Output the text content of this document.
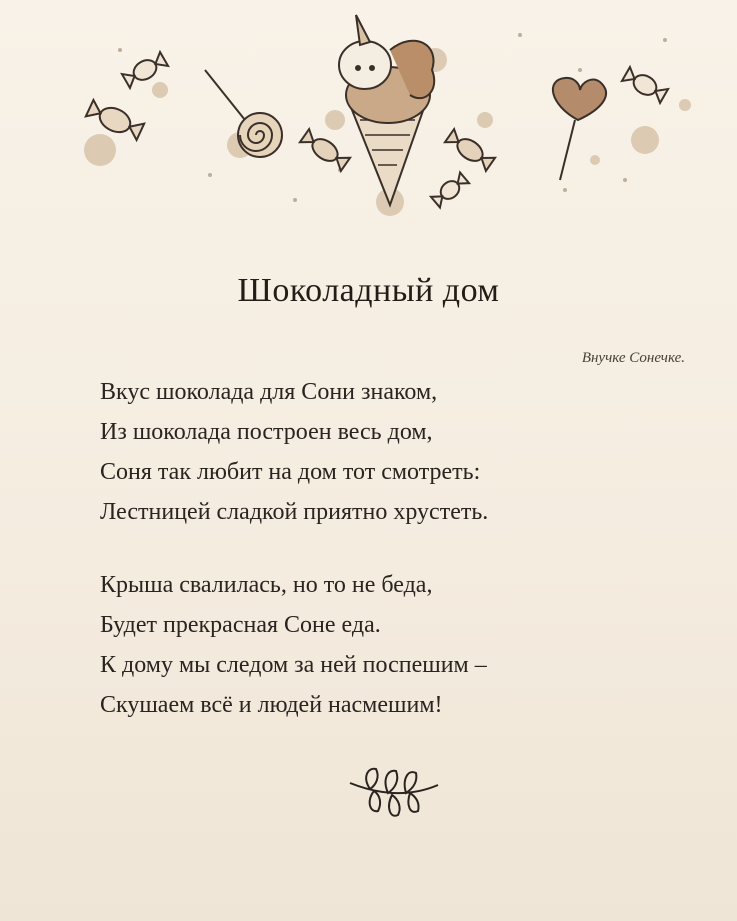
Шоколадный дом
Внучке Сонечке.

Вкус шоколада для Сони знаком,

Из шоколада построен весь дом,

Соня так любит на дом тот смотреть:

Лестницей сладкой приятно хрустеть.

Крыша свалилась, но то не беда,

Будет прекрасная Соне еда.

К дому мы следом за ней поспешим –

Скушаем всё и людей насмешим!
